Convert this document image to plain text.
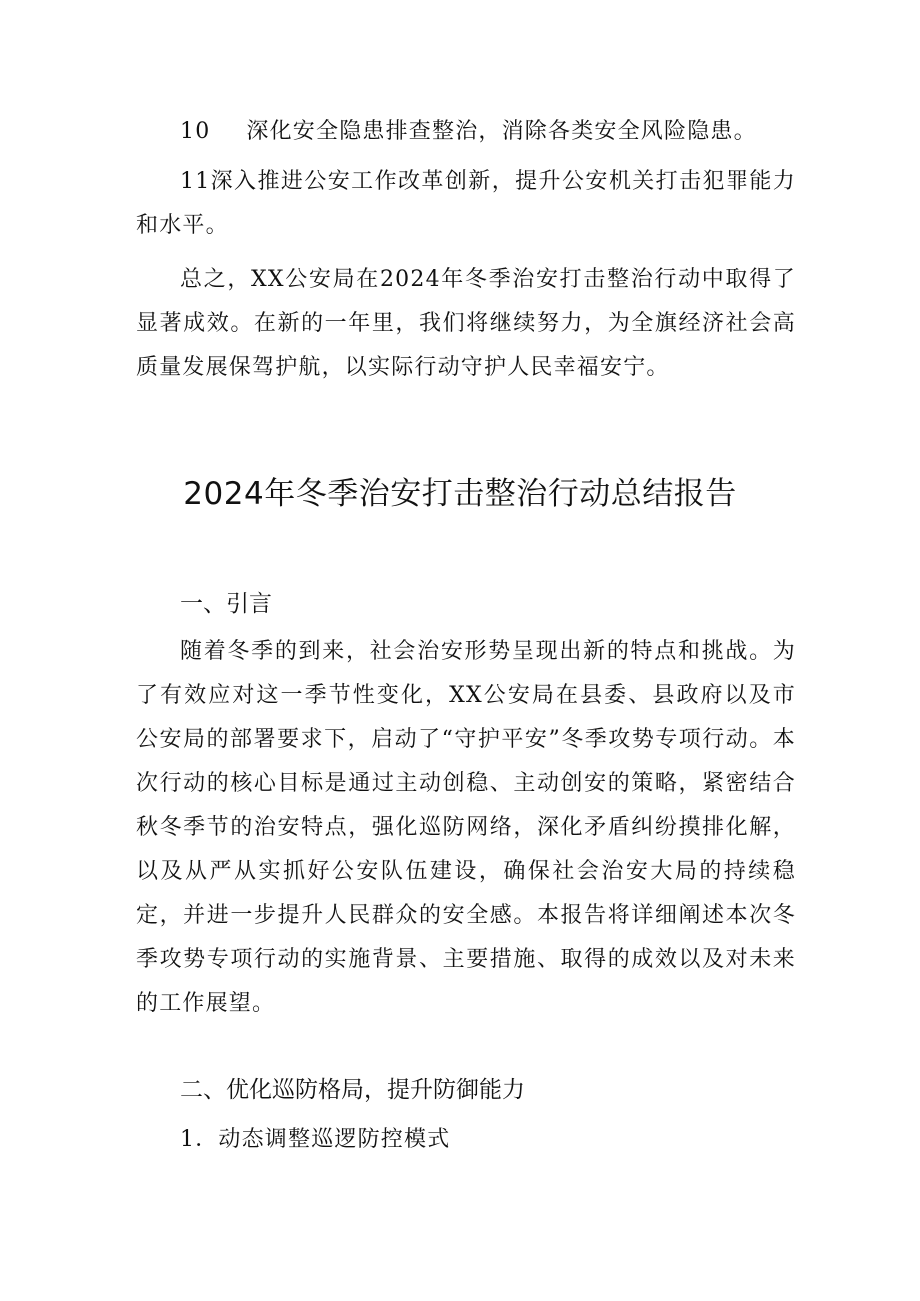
10 深化安全隐患排查整治，消除各类安全风险隐患。

11深入推进公安工作改革创新，提升公安机关打击犯罪能力和水平。

总之，XX公安局在2024年冬季治安打击整治行动中取得了显著成效。在新的一年里，我们将继续努力，为全旗经济社会高质量发展保驾护航，以实际行动守护人民幸福安宁。

2024年冬季治安打击整治行动总结报告
一、引言

随着冬季的到来，社会治安形势呈现出新的特点和挑战。为了有效应对这一季节性变化，XX公安局在县委、县政府以及市公安局的部署要求下，启动了“守护平安”冬季攻势专项行动。本次行动的核心目标是通过主动创稳、主动创安的策略，紧密结合秋冬季节的治安特点，强化巡防网络，深化矛盾纠纷摸排化解，以及从严从实抓好公安队伍建设，确保社会治安大局的持续稳定，并进一步提升人民群众的安全感。本报告将详细阐述本次冬季攻势专项行动的实施背景、主要措施、取得的成效以及对未来的工作展望。

二、优化巡防格局，提升防御能力
1．动态调整巡逻防控模式
